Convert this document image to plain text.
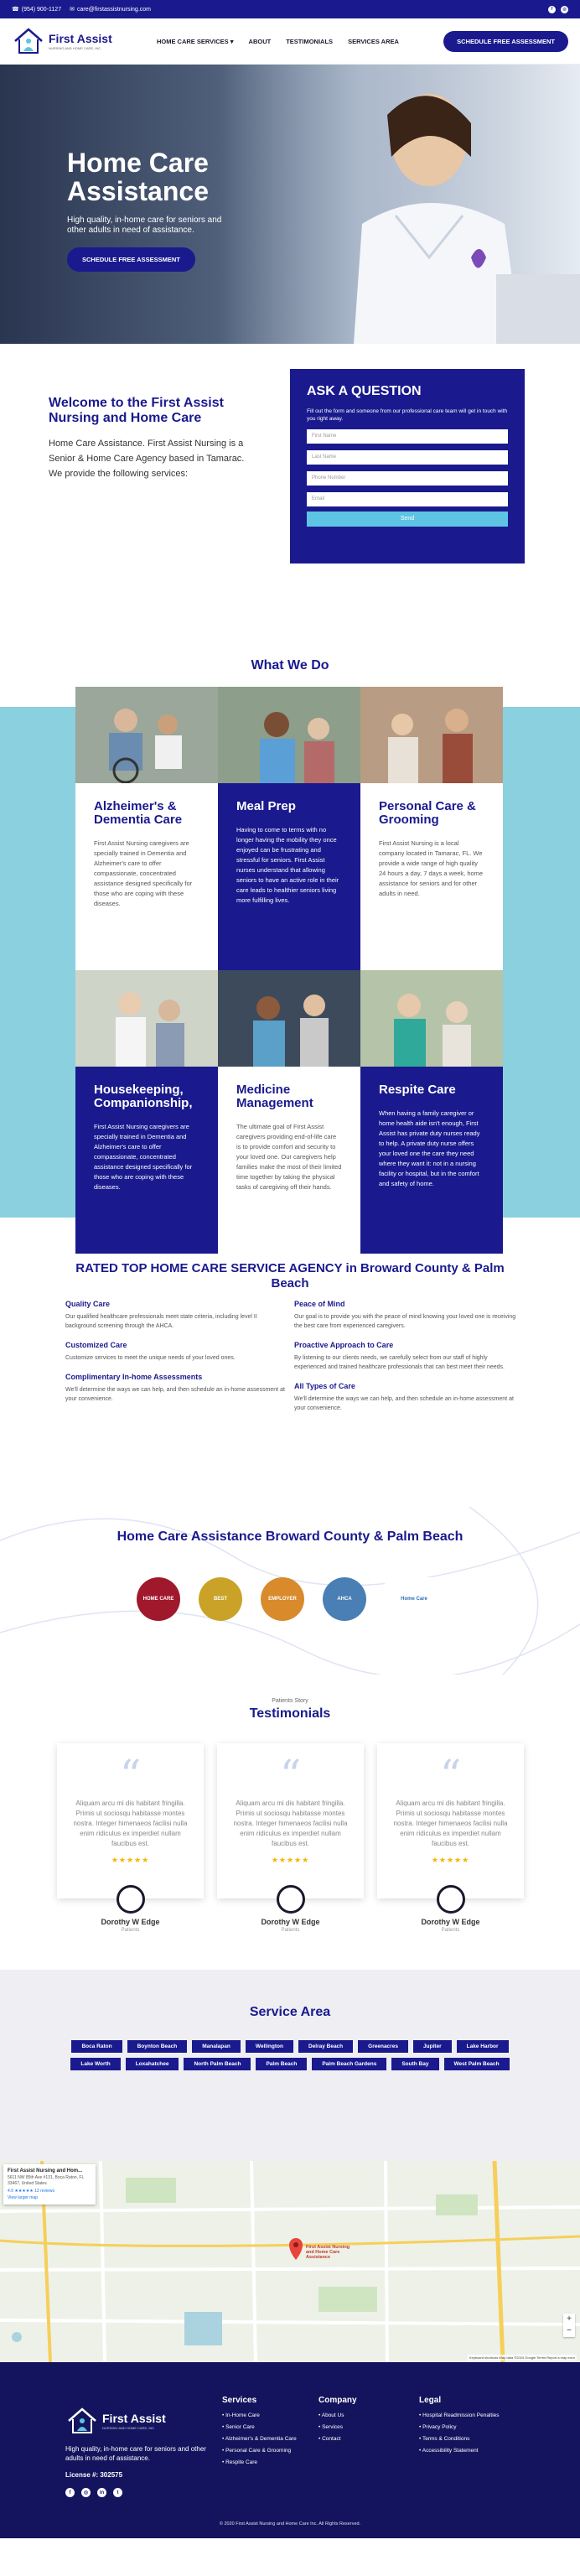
☎ (954) 900-1127 ✉ care@firstassistnursing.com	f	◎
First Assist
NURSING AND HOME CARE, INC
HOME CARE SERVICES ▾ ABOUT TESTIMONIALS SERVICES AREA	SCHEDULE FREE ASSESSMENT
Home Care
Assistance

High quality, in-home care for seniors and other adults in need of assistance.

SCHEDULE FREE ASSESSMENT
Welcome to the First Assist Nursing and Home Care

Home Care Assistance. First Assist Nursing is a Senior & Home Care Agency based in Tamarac. We provide the following services:

ASK A QUESTION
Fill out the form and someone from our professional care team will get in touch with you right away.
First Name
Last Name
Phone Number
Email
Send
What We Do
Alzheimer's & Dementia Care

First Assist Nursing caregivers are specially trained in Dementia and Alzheimer's care to offer compassionate, concentrated assistance designed specifically for those who are coping with these diseases.

Meal Prep

Having to come to terms with no longer having the mobility they once enjoyed can be frustrating and stressful for seniors. First Assist nurses understand that allowing seniors to have an active role in their care leads to healthier seniors living more fulfilling lives.

Personal Care & Grooming

First Assist Nursing is a local company located in Tamarac, FL. We provide a wide range of high quality 24 hours a day, 7 days a week, home assistance for seniors and for other adults in need.

Housekeeping, Companionship,

First Assist Nursing caregivers are specially trained in Dementia and Alzheimer's care to offer compassionate, concentrated assistance designed specifically for those who are coping with these diseases.

Medicine Management

The ultimate goal of First Assist caregivers providing end-of-life care is to provide comfort and security to your loved one. Our caregivers help families make the most of their limited time together by taking the physical tasks of caregiving off their hands.

Respite Care

When having a family caregiver or home health aide isn't enough, First Assist has private duty nurses ready to help. A private duty nurse offers your loved one the care they need where they want it: not in a nursing facility or hospital, but in the comfort and safety of home.

RATED TOP HOME CARE SERVICE AGENCY in Broward County & Palm Beach
Quality Care

Our qualified healthcare professionals meet state criteria, including level II background screening through the AHCA.

Customized Care

Customize services to meet the unique needs of your loved ones.

Complimentary In-home Assessments

We'll determine the ways we can help, and then schedule an in-home assessment at your convenience.

Peace of Mind

Our goal is to provide you with the peace of mind knowing your loved one is receiving the best care from experienced caregivers.

Proactive Approach to Care

By listening to our clients needs, we carefully select from our staff of highly experienced and trained healthcare professionals that can best meet their needs.

All Types of Care

We'll determine the ways we can help, and then schedule an in-home assessment at your convenience.

Home Care Assistance Broward County & Palm Beach
HOME CARE	BEST	EMPLOYER	AHCA	Home Care
Patients Story
Testimonials
“

Aliquam arcu mi dis habitant fringilla. Primis ut sociosqu habitasse montes nostra. Integer himenaeos facilisi nulla enim ridiculus ex imperdiet nullam faucibus est.

★★★★★
“

Aliquam arcu mi dis habitant fringilla. Primis ut sociosqu habitasse montes nostra. Integer himenaeos facilisi nulla enim ridiculus ex imperdiet nullam faucibus est.

★★★★★
“

Aliquam arcu mi dis habitant fringilla. Primis ut sociosqu habitasse montes nostra. Integer himenaeos facilisi nulla enim ridiculus ex imperdiet nullam faucibus est.

★★★★★
Dorothy W Edge
Patients
Dorothy W Edge
Patients
Dorothy W Edge
Patients
Service Area
Boca Raton	Boynton Beach	Manalapan	Wellington	Delray Beach	Greenacres	Jupiter	Lake Harbor
Lake Worth	Loxahatchee	North Palm Beach	Palm Beach	Palm Beach Gardens	South Bay	West Palm Beach
First Assist Nursing and Hom...
5611 NW 85th Ave #131, Boca Raton, FL 33467, United States
4.9 ★★★★★ 13 reviews
View larger map
First Assist Nursing and Home Care Assistance
+
−
Keyboard shortcuts Map data ©2024 Google Terms Report a map error
First Assist
NURSING AND HOME CARE, INC
High quality, in-home care for seniors and other adults in need of assistance.
License #: 302575
f	◎	in	t
Services
• In-Home Care
• Senior Care
• Alzheimer's & Dementia Care
• Personal Care & Grooming
• Respite Care
Company
• About Us
• Services
• Contact
Legal
• Hospital Readmission Penalties
• Privacy Policy
• Terms & Conditions
• Accessibility Statement
© 2020 First Assist Nursing and Home Care Inc. All Rights Reserved.
